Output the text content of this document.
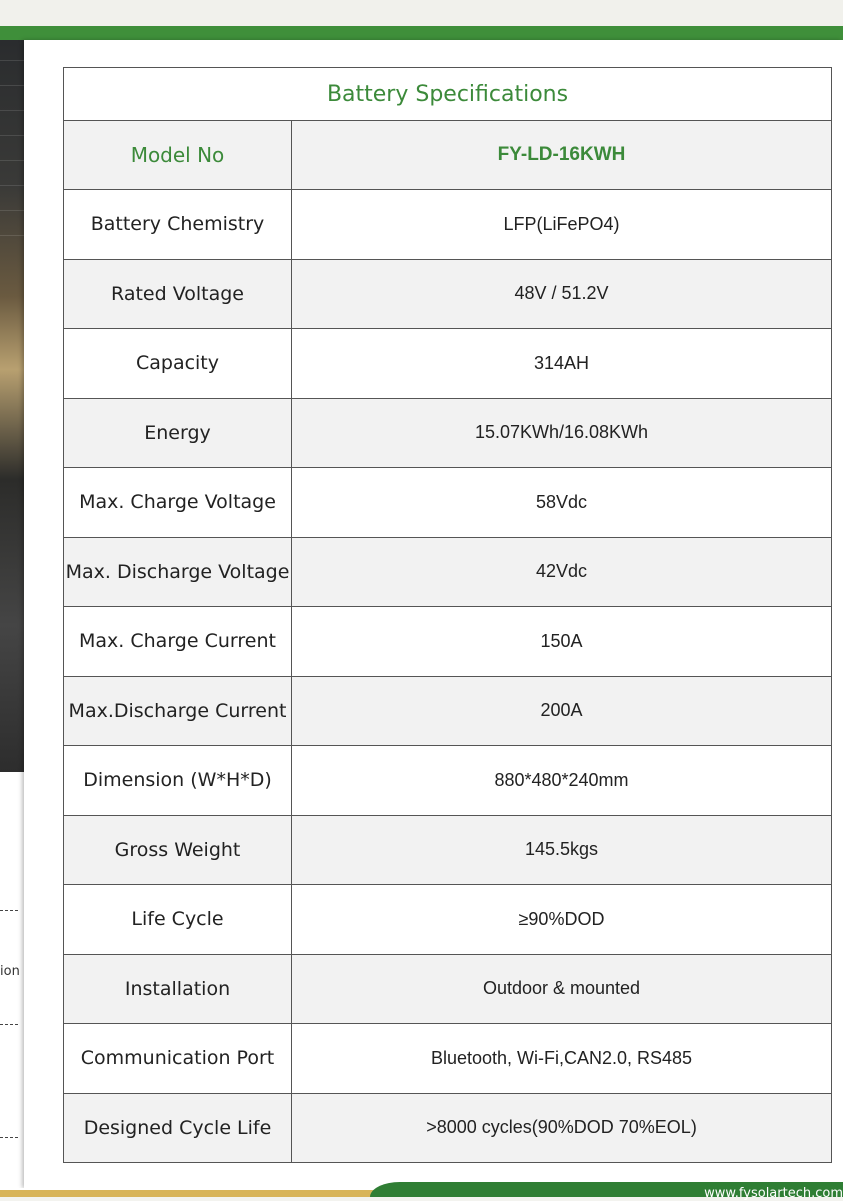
ion
Battery Specifications	
Model No	FY-LD-16KWH
Battery Chemistry	LFP(LiFePO4)
Rated Voltage	48V / 51.2V
Capacity	314AH
Energy	15.07KWh/16.08KWh
Max. Charge Voltage	58Vdc
Max. Discharge Voltage	42Vdc
Max. Charge Current	150A
Max.Discharge Current	200A
Dimension (W*H*D)	880*480*240mm
Gross Weight	145.5kgs
Life Cycle	≥90%DOD
Installation	Outdoor & mounted
Communication Port	Bluetooth, Wi-Fi,CAN2.0, RS485
Designed Cycle Life	>8000 cycles(90%DOD 70%EOL)
www.fysolartech.com
